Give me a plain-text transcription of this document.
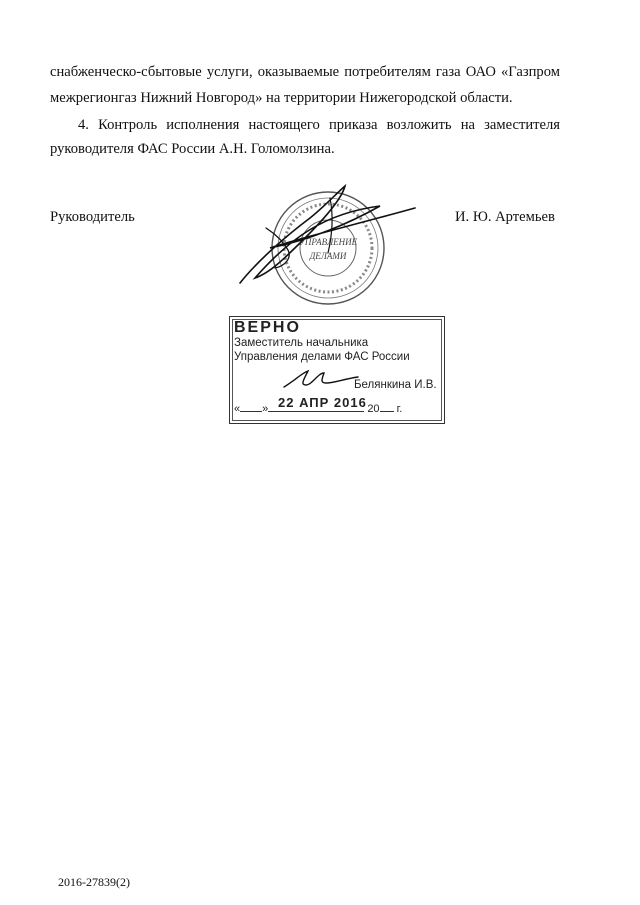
снабженческо-сбытовые услуги, оказываемые потребителям газа ОАО «Газпром
межрегионгаз Нижний Новгород» на территории Нижегородской области.
4. Контроль исполнения настоящего приказа возложить на заместителя
руководителя ФАС России А.Н. Голомолзина.
Руководитель	И. Ю. Артемьев
УПРАВЛЕНИЕ
ДЕЛАМИ
ВЕРНО
Заместитель начальника
Управления делами ФАС России
Белянкина И.В.
22 АПР 2016
« »	20 г.
2016-27839(2)
